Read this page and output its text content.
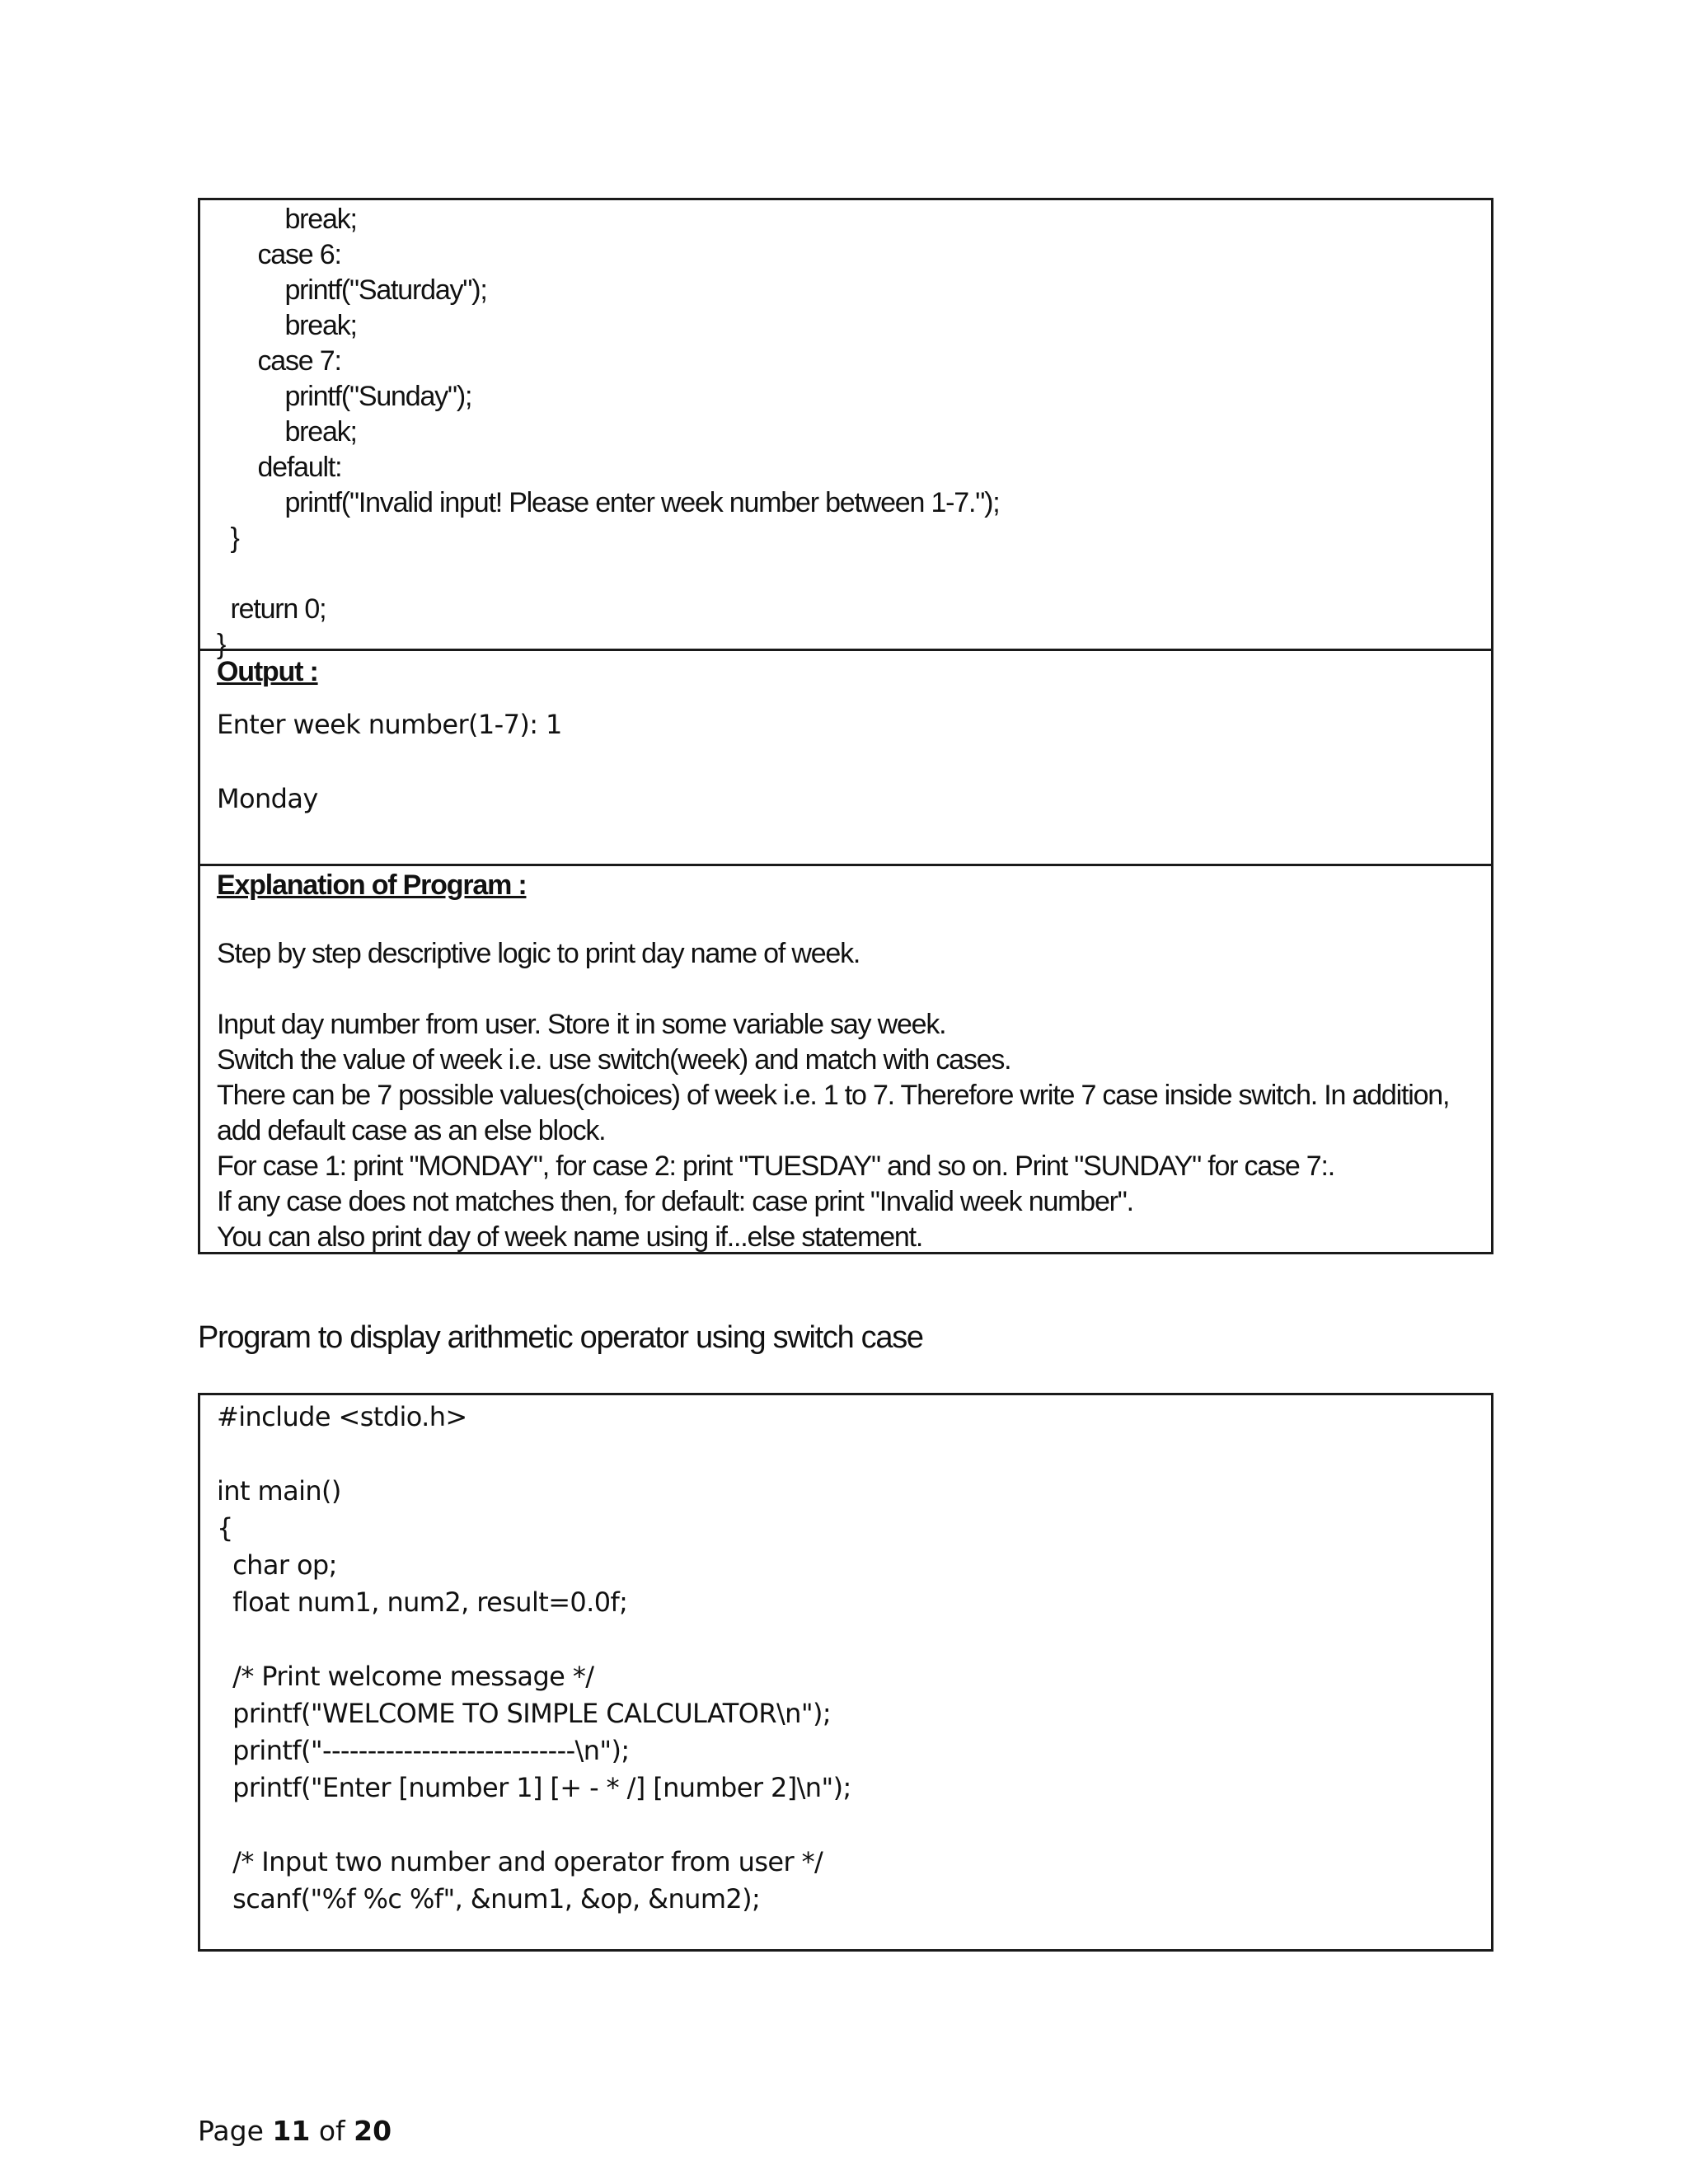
break;
case 6:
printf("Saturday");
break;
case 7:
printf("Sunday");
break;
default:
printf("Invalid input! Please enter week number between 1-7.");
}
return 0;
}
Output :
Enter week number(1-7): 1
Monday
Explanation of Program :
Step by step descriptive logic to print day name of week.
Input day number from user. Store it in some variable say week.
Switch the value of week i.e. use switch(week) and match with cases.
There can be 7 possible values(choices) of week i.e. 1 to 7. Therefore write 7 case inside switch. In addition, add default case as an else block.
For case 1: print "MONDAY", for case 2: print "TUESDAY" and so on. Print "SUNDAY" for case 7:.
If any case does not matches then, for default: case print "Invalid week number".
You can also print day of week name using if...else statement.
Program to display arithmetic operator using switch case
#include <stdio.h>
int main()
{
char op;
float num1, num2, result=0.0f;
/* Print welcome message */
printf("WELCOME TO SIMPLE CALCULATOR\n");
printf("----------------------------\n");
printf("Enter [number 1] [+ - * /] [number 2]\n");
/* Input two number and operator from user */
scanf("%f %c %f", &num1, &op, &num2);
Page 11 of 20
